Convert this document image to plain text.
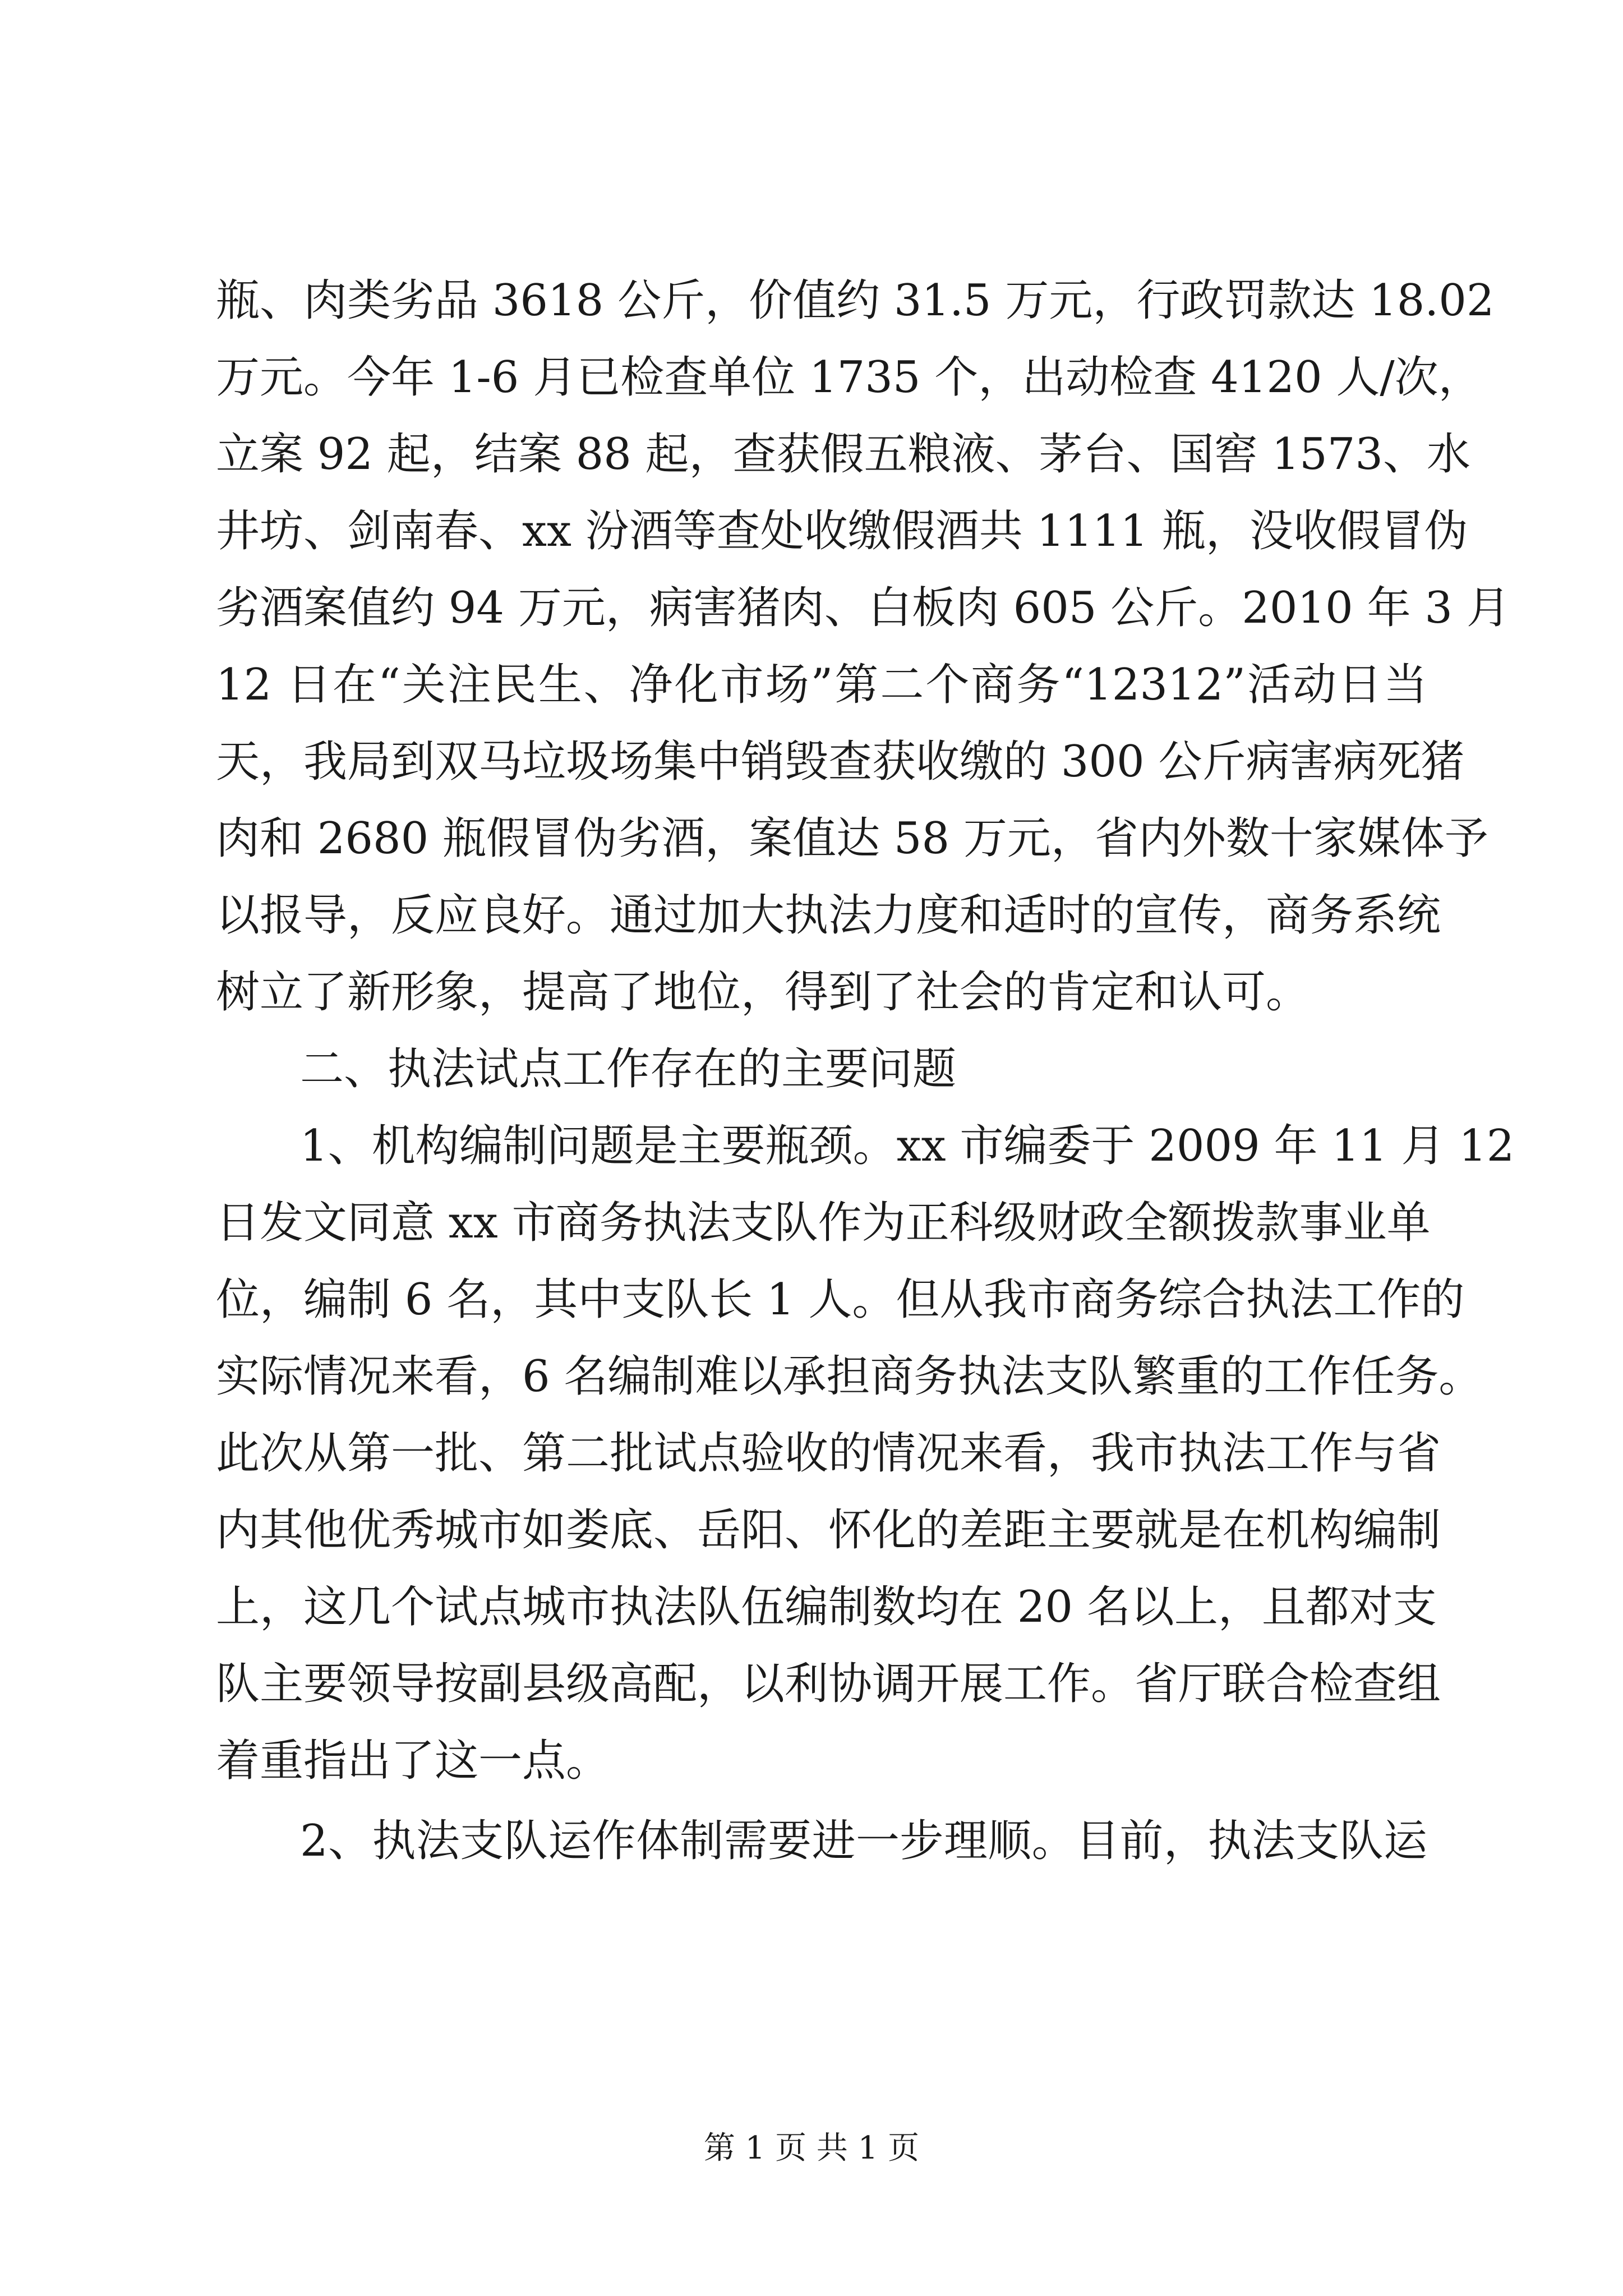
瓶、肉类劣品 3618 公斤，价值约 31.5 万元，行政罚款达 18.02
万元。今年 1-6 月已检查单位 1735 个，出动检查 4120 人/次，
立案 92 起，结案 88 起，查获假五粮液、茅台、国窖 1573、水
井坊、剑南春、xx 汾酒等查处收缴假酒共 1111 瓶，没收假冒伪
劣酒案值约 94 万元，病害猪肉、白板肉 605 公斤。2010 年 3 月
12 日在“关注民生、净化市场”第二个商务“12312”活动日当
天，我局到双马垃圾场集中销毁查获收缴的 300 公斤病害病死猪
肉和 2680 瓶假冒伪劣酒，案值达 58 万元，省内外数十家媒体予
以报导，反应良好。通过加大执法力度和适时的宣传，商务系统
树立了新形象，提高了地位，得到了社会的肯定和认可。
二、执法试点工作存在的主要问题
1、机构编制问题是主要瓶颈。xx 市编委于 2009 年 11 月 12
日发文同意 xx 市商务执法支队作为正科级财政全额拨款事业单
位，编制 6 名，其中支队长 1 人。但从我市商务综合执法工作的
实际情况来看，6 名编制难以承担商务执法支队繁重的工作任务。
此次从第一批、第二批试点验收的情况来看，我市执法工作与省
内其他优秀城市如娄底、岳阳、怀化的差距主要就是在机构编制
上，这几个试点城市执法队伍编制数均在 20 名以上，且都对支
队主要领导按副县级高配，以利协调开展工作。省厅联合检查组
着重指出了这一点。
2、执法支队运作体制需要进一步理顺。目前，执法支队运
第 1 页 共 1 页
